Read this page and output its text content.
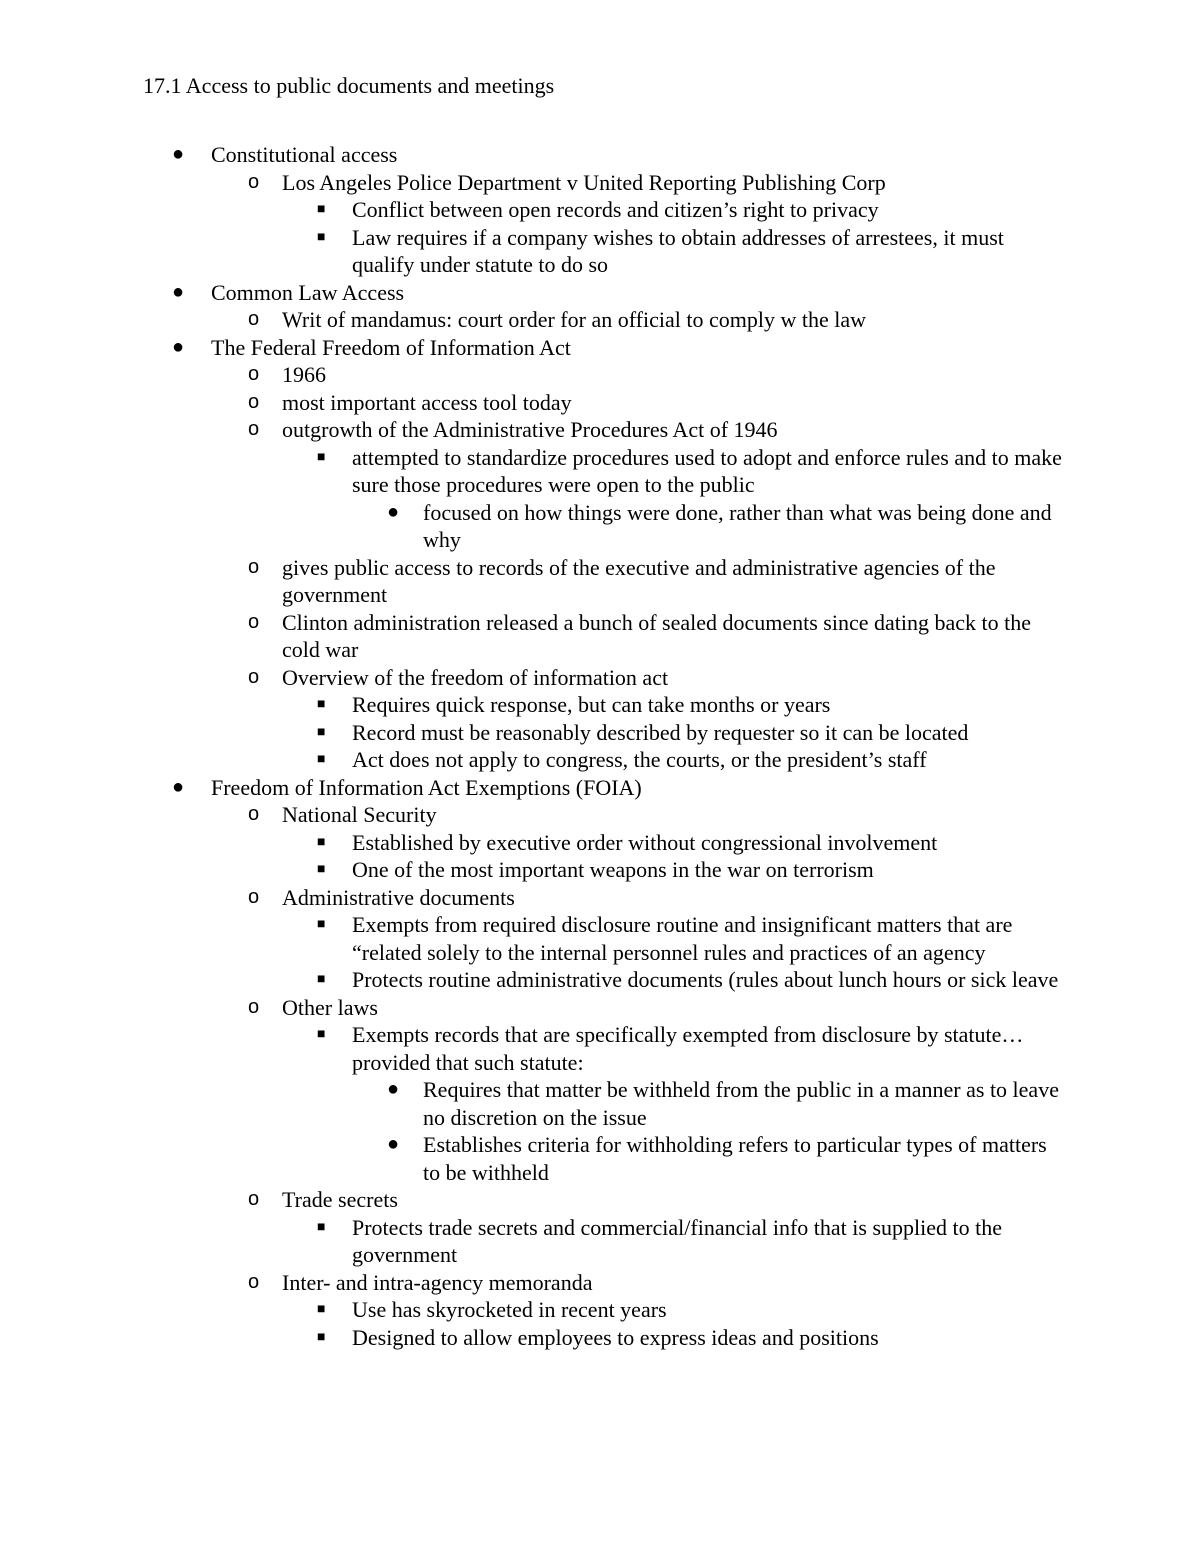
17.1 Access to public documents and meetings
●	Constitutional access
o	Los Angeles Police Department v United Reporting Publishing Corp
■	Conflict between open records and citizen’s right to privacy
■	Law requires if a company wishes to obtain addresses of arrestees, it must qualify under statute to do so
●	Common Law Access
o	Writ of mandamus: court order for an official to comply w the law
●	The Federal Freedom of Information Act
o	1966
o	most important access tool today
o	outgrowth of the Administrative Procedures Act of 1946
■	attempted to standardize procedures used to adopt and enforce rules and to make sure those procedures were open to the public
●	focused on how things were done, rather than what was being done and why
o	gives public access to records of the executive and administrative agencies of the government
o	Clinton administration released a bunch of sealed documents since dating back to the cold war
o	Overview of the freedom of information act
■	Requires quick response, but can take months or years
■	Record must be reasonably described by requester so it can be located
■	Act does not apply to congress, the courts, or the president’s staff
●	Freedom of Information Act Exemptions (FOIA)
o	National Security
■	Established by executive order without congressional involvement
■	One of the most important weapons in the war on terrorism
o	Administrative documents
■	Exempts from required disclosure routine and insignificant matters that are “related solely to the internal personnel rules and practices of an agency
■	Protects routine administrative documents (rules about lunch hours or sick leave
o	Other laws
■	Exempts records that are specifically exempted from disclosure by statute… provided that such statute:
●	Requires that matter be withheld from the public in a manner as to leave no discretion on the issue
●	Establishes criteria for withholding refers to particular types of matters to be withheld
o	Trade secrets
■	Protects trade secrets and commercial/financial info that is supplied to the government
o	Inter- and intra-agency memoranda
■	Use has skyrocketed in recent years
■	Designed to allow employees to express ideas and positions
